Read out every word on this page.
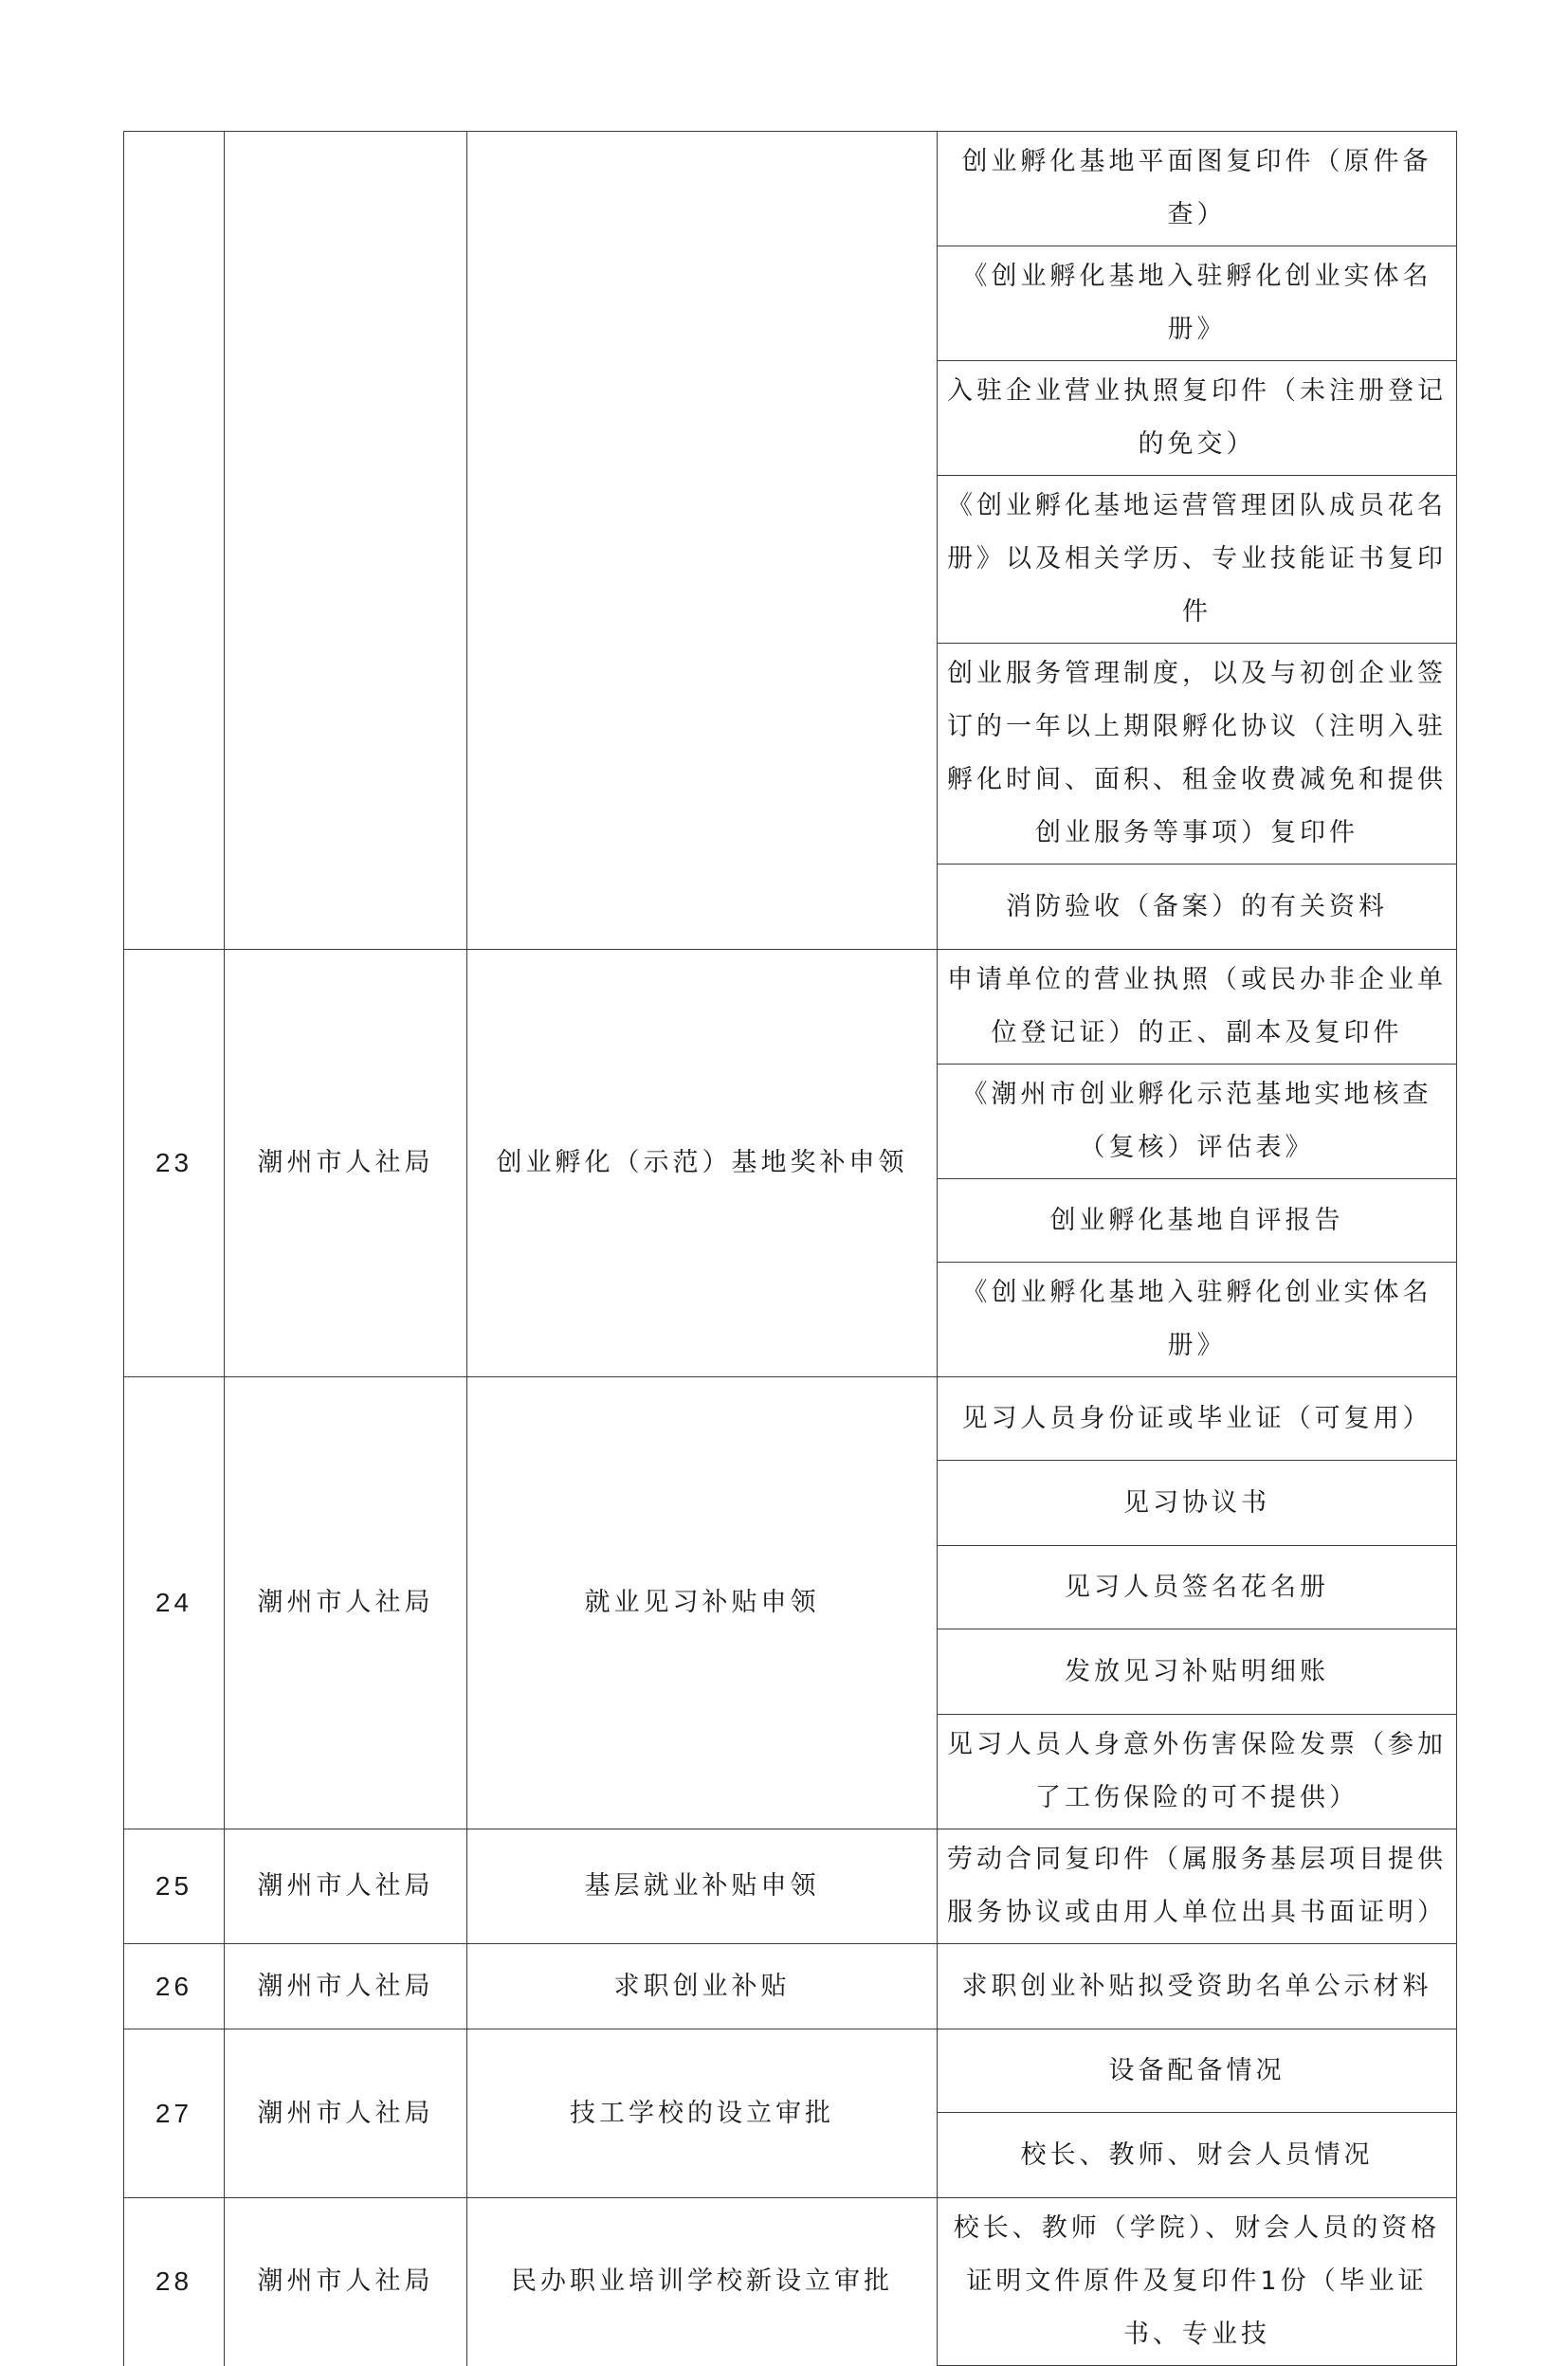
			创业孵化基地平面图复印件（原件备查）
			《创业孵化基地入驻孵化创业实体名册》
			入驻企业营业执照复印件（未注册登记的免交）
			《创业孵化基地运营管理团队成员花名册》以及相关学历、专业技能证书复印件
			创业服务管理制度，以及与初创企业签订的一年以上期限孵化协议（注明入驻孵化时间、面积、租金收费减免和提供创业服务等事项）复印件
			消防验收（备案）的有关资料
23	潮州市人社局	创业孵化（示范）基地奖补申领	申请单位的营业执照（或民办非企业单位登记证）的正、副本及复印件
			《潮州市创业孵化示范基地实地核查（复核）评估表》
			创业孵化基地自评报告
			《创业孵化基地入驻孵化创业实体名册》
24	潮州市人社局	就业见习补贴申领	见习人员身份证或毕业证（可复用）
			见习协议书
			见习人员签名花名册
			发放见习补贴明细账
			见习人员人身意外伤害保险发票（参加了工伤保险的可不提供）
25	潮州市人社局	基层就业补贴申领	劳动合同复印件（属服务基层项目提供服务协议或由用人单位出具书面证明）
26	潮州市人社局	求职创业补贴	求职创业补贴拟受资助名单公示材料
27	潮州市人社局	技工学校的设立审批	设备配备情况
			校长、教师、财会人员情况
28	潮州市人社局	民办职业培训学校新设立审批	校长、教师（学院）、财会人员的资格证明文件原件及复印件1份（毕业证书、专业技
